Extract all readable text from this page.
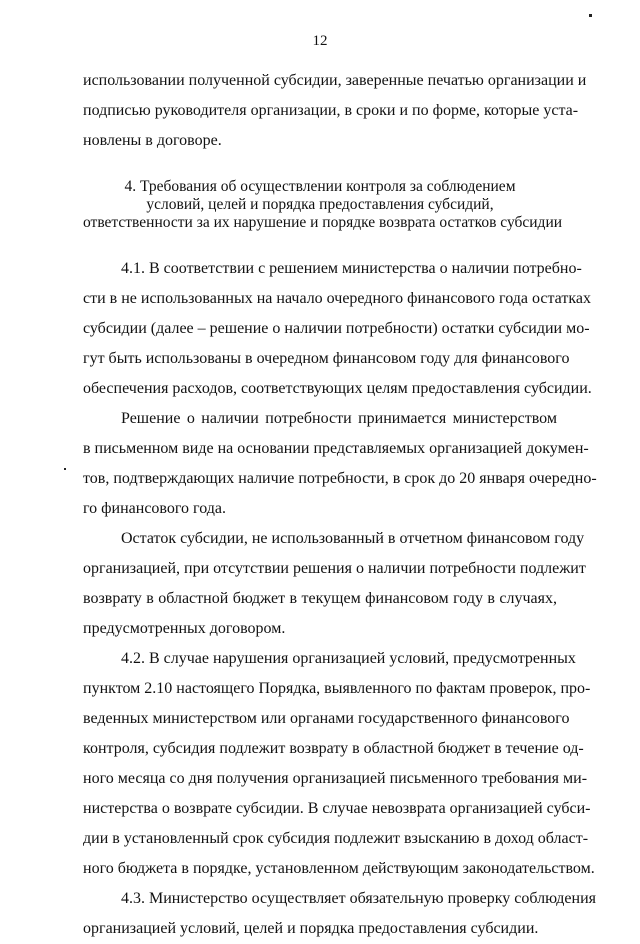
12
использовании полученной субсидии, заверенные печатью организации и
подписью руководителя организации, в сроки и по форме, которые уста-
новлены в договоре.
4. Требования об осуществлении контроля за соблюдением
условий, целей и порядка предоставления субсидий,
ответственности за их нарушение и порядке возврата остатков субсидии
4.1. В соответствии с решением министерства о наличии потребно-
сти в не использованных на начало очередного финансового года остатках
субсидии (далее – решение о наличии потребности) остатки субсидии мо-
гут быть использованы в очередном финансовом году для финансового
обеспечения расходов, соответствующих целям предоставления субсидии.
Решение о наличии потребности принимается министерством
в письменном виде на основании представляемых организацией докумен-
тов, подтверждающих наличие потребности, в срок до 20 января очередно-
го финансового года.
Остаток субсидии, не использованный в отчетном финансовом году
организацией, при отсутствии решения о наличии потребности подлежит
возврату в областной бюджет в текущем финансовом году в случаях,
предусмотренных договором.
4.2. В случае нарушения организацией условий, предусмотренных
пунктом 2.10 настоящего Порядка, выявленного по фактам проверок, про-
веденных министерством или органами государственного финансового
контроля, субсидия подлежит возврату в областной бюджет в течение од-
ного месяца со дня получения организацией письменного требования ми-
нистерства о возврате субсидии. В случае невозврата организацией субси-
дии в установленный срок субсидия подлежит взысканию в доход област-
ного бюджета в порядке, установленном действующим законодательством.
4.3. Министерство осуществляет обязательную проверку соблюдения
организацией условий, целей и порядка предоставления субсидии.
